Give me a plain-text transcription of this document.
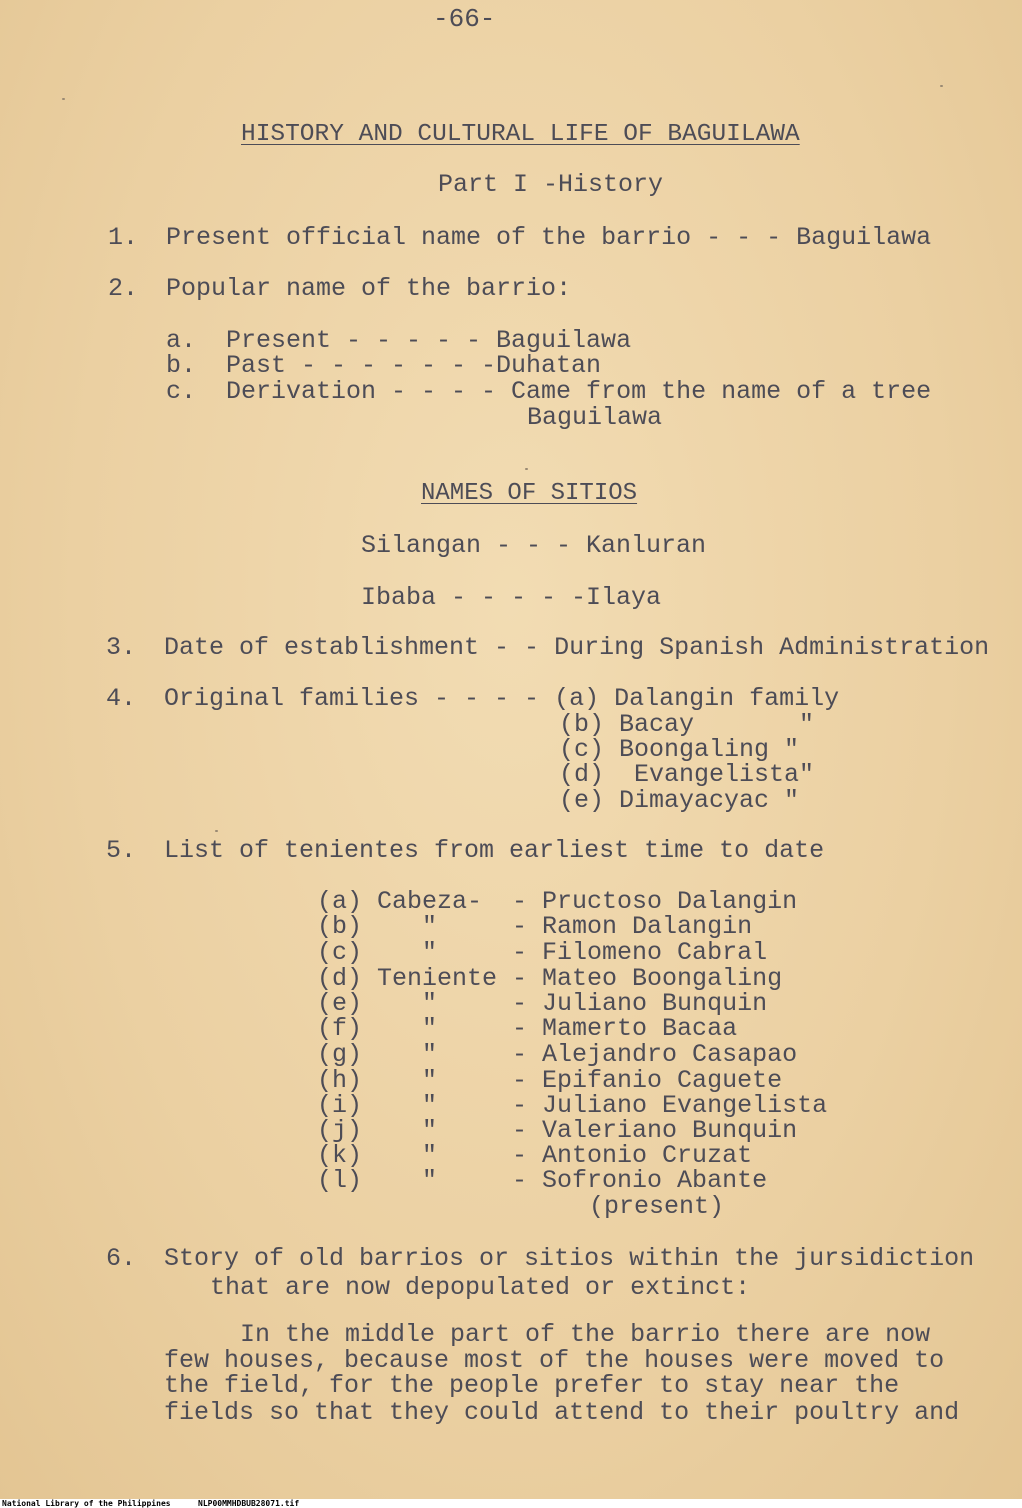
-66-
HISTORY AND CULTURAL LIFE OF BAGUILAWA
Part I -History
1. Present official name of the barrio - - - Baguilawa
2. Popular name of the barrio:
a. Present - - - - - Baguilawa
b. Past - - - - - - -Duhatan
c. Derivation - - - - Came from the name of a tree
Baguilawa
NAMES OF SITIOS
Silangan - - - Kanluran
Ibaba - - - - -Ilaya
3. Date of establishment - - During Spanish Administration
4. Original families - - - - (a) Dalangin family
(b) Bacay       "
(c) Boongaling "
(d)  Evangelista"
(e) Dimayacyac "
5. List of tenientes from earliest time to date
(a) Cabeza-  - Pructoso Dalangin
(b)    "     - Ramon Dalangin
(c)    "     - Filomeno Cabral
(d) Teniente - Mateo Boongaling
(e)    "     - Juliano Bunquin
(f)    "     - Mamerto Bacaa
(g)    "     - Alejandro Casapao
(h)    "     - Epifanio Caguete
(i)    "     - Juliano Evangelista
(j)    "     - Valeriano Bunquin
(k)    "     - Antonio Cruzat
(l)    "     - Sofronio Abante
(present)
6. Story of old barrios or sitios within the jursidiction
that are now depopulated or extinct:
In the middle part of the barrio there are now
few houses, because most of the houses were moved to
the field, for the people prefer to stay near the
fields so that they could attend to their poultry and
National Library of the Philippines	NLP00MMHDBUB28071.tif
